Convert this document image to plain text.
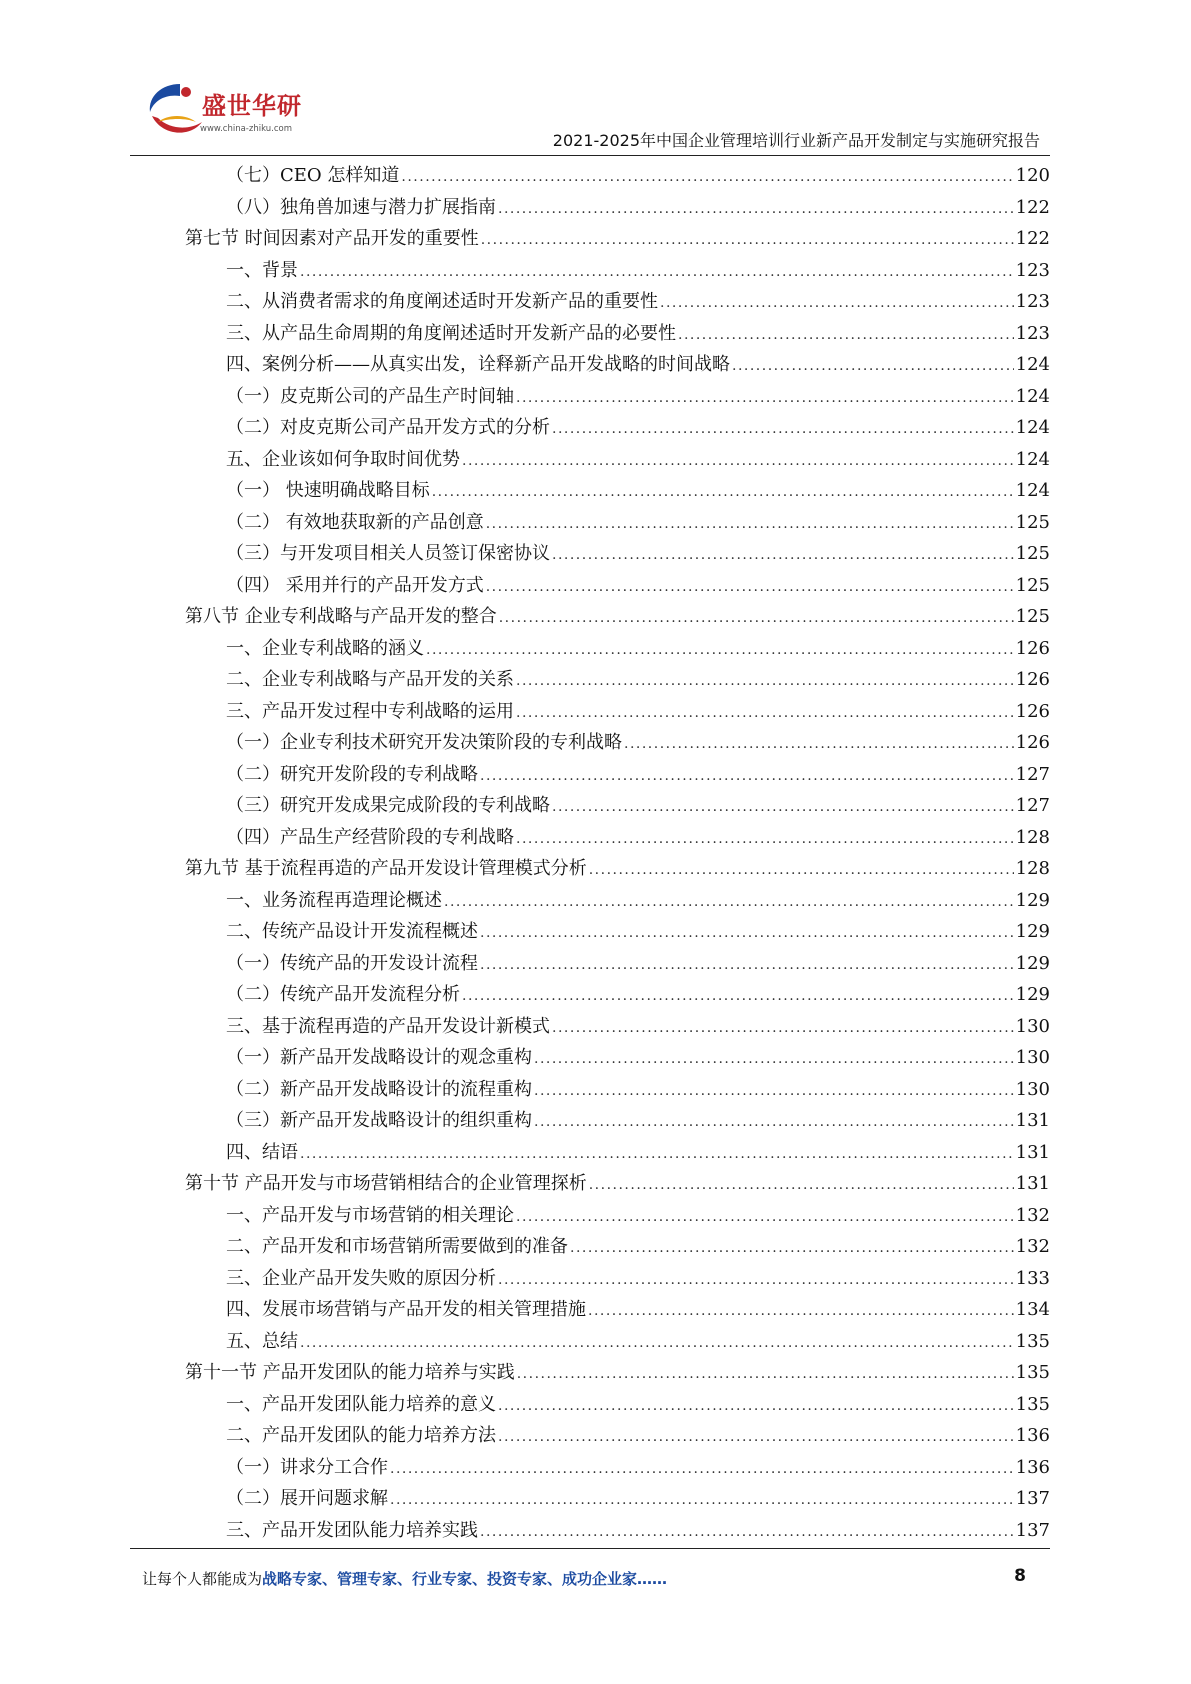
盛世华研
www.china-zhiku.com
2021-2025年中国企业管理培训行业新产品开发制定与实施研究报告
（七）CEO 怎样知道 .....	120
（八）独角兽加速与潜力扩展指南 .....	122
第七节 时间因素对产品开发的重要性 .....	122
一、背景 .....	123
二、从消费者需求的角度阐述适时开发新产品的重要性 .....	123
三、从产品生命周期的角度阐述适时开发新产品的必要性 .....	123
四、案例分析——从真实出发，诠释新产品开发战略的时间战略 .....	124
（一）皮克斯公司的产品生产时间轴 .....	124
（二）对皮克斯公司产品开发方式的分析 .....	124
五、企业该如何争取时间优势 .....	124
（一） 快速明确战略目标 .....	124
（二） 有效地获取新的产品创意 .....	125
（三）与开发项目相关人员签订保密协议 .....	125
（四） 采用并行的产品开发方式 .....	125
第八节 企业专利战略与产品开发的整合 .....	125
一、企业专利战略的涵义 .....	126
二、企业专利战略与产品开发的关系 .....	126
三、产品开发过程中专利战略的运用 .....	126
（一）企业专利技术研究开发决策阶段的专利战略 .....	126
（二）研究开发阶段的专利战略 .....	127
（三）研究开发成果完成阶段的专利战略 .....	127
（四）产品生产经营阶段的专利战略 .....	128
第九节 基于流程再造的产品开发设计管理模式分析 .....	128
一、业务流程再造理论概述 .....	129
二、传统产品设计开发流程概述 .....	129
（一）传统产品的开发设计流程 .....	129
（二）传统产品开发流程分析 .....	129
三、基于流程再造的产品开发设计新模式 .....	130
（一）新产品开发战略设计的观念重构 .....	130
（二）新产品开发战略设计的流程重构 .....	130
（三）新产品开发战略设计的组织重构 .....	131
四、结语 .....	131
第十节 产品开发与市场营销相结合的企业管理探析 .....	131
一、产品开发与市场营销的相关理论 .....	132
二、产品开发和市场营销所需要做到的准备 .....	132
三、企业产品开发失败的原因分析 .....	133
四、发展市场营销与产品开发的相关管理措施 .....	134
五、总结 .....	135
第十一节 产品开发团队的能力培养与实践 .....	135
一、产品开发团队能力培养的意义 .....	135
二、产品开发团队的能力培养方法 .....	136
（一）讲求分工合作 .....	136
（二）展开问题求解 .....	137
三、产品开发团队能力培养实践 .....	137
让每个人都能成为战略专家、管理专家、行业专家、投资专家、成功企业家……	8
